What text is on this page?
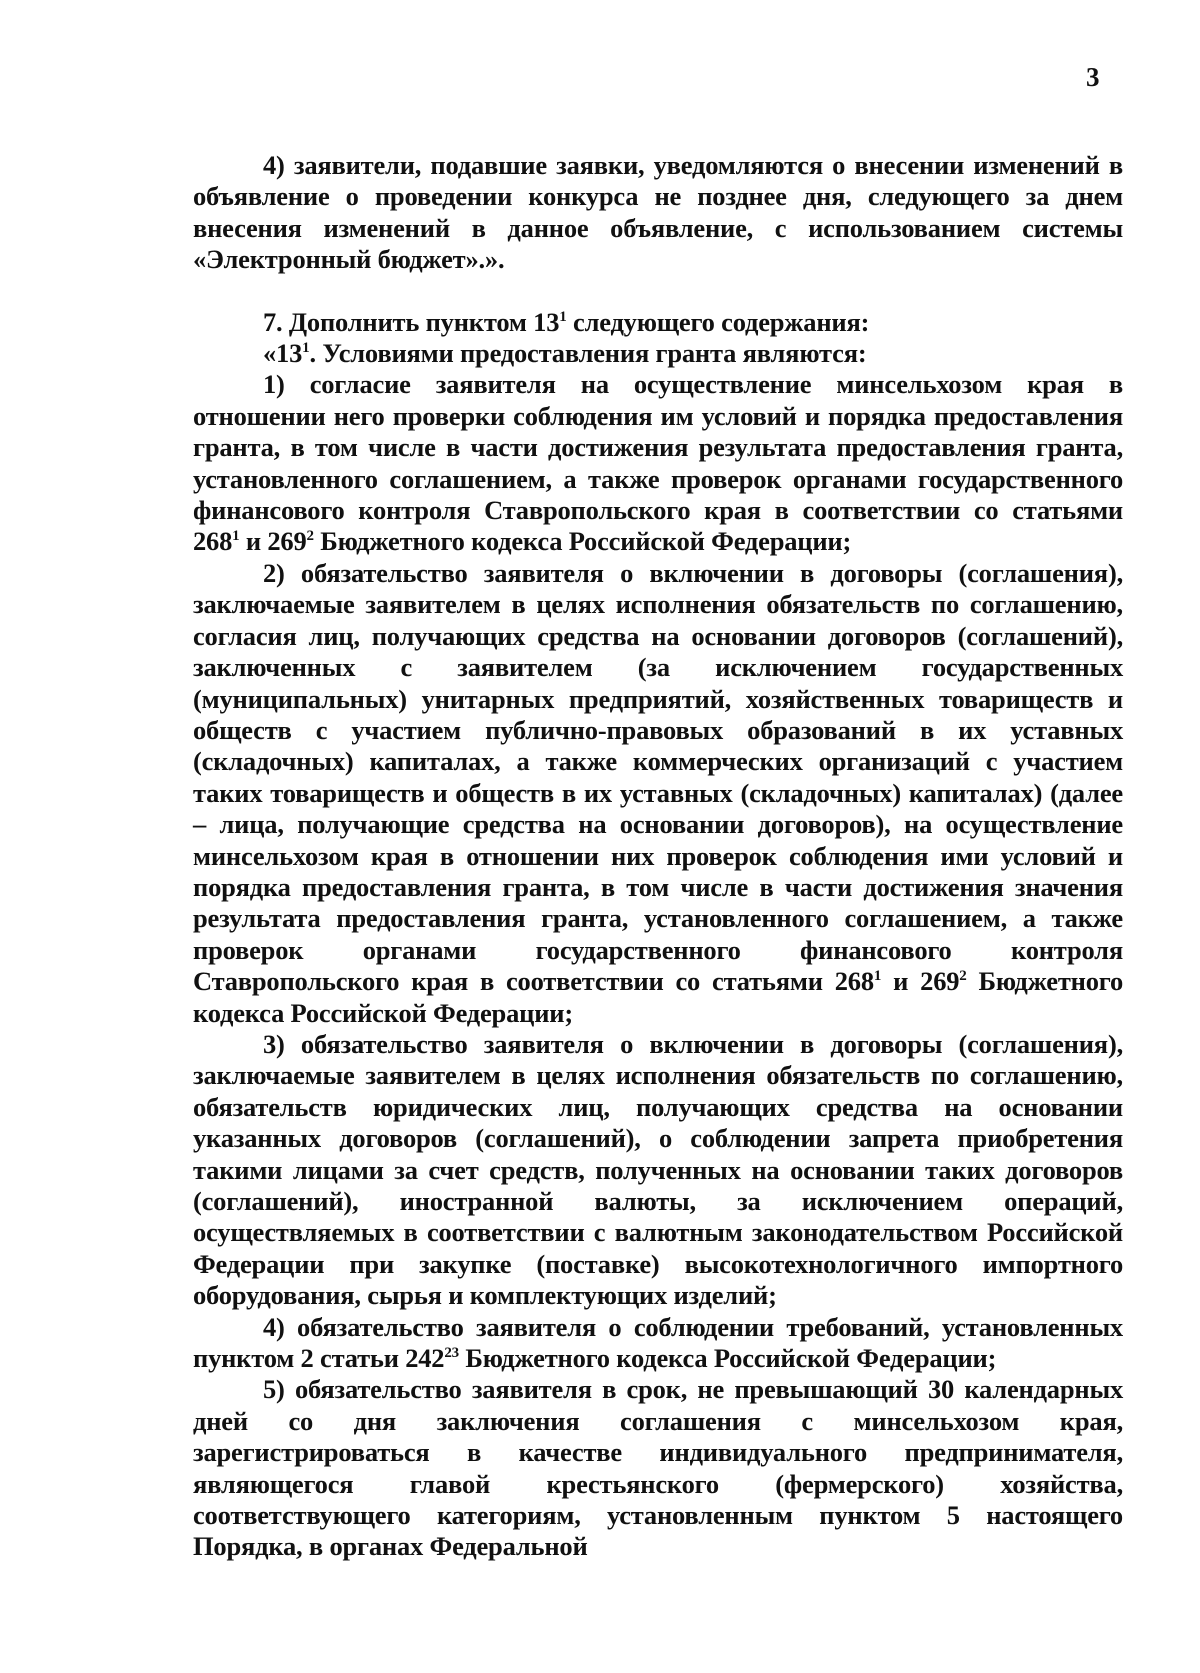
3

4) заявители, подавшие заявки, уведомляются о внесении изменений в объявление о проведении конкурса не позднее дня, следующего за днем внесения изменений в данное объявление, с использованием системы «Электронный бюджет».».

7. Дополнить пунктом $13^1$ следующего содержания:

«$13^1$. Условиями предоставления гранта являются:

1) согласие заявителя на осуществление минсельхозом края в отношении него проверки соблюдения им условий и порядка предоставления гранта, в том числе в части достижения результата предоставления гранта, установленного соглашением, а также проверок органами государственного финансового контроля Ставропольского края в соответствии со статьями $268^1$ и $269^2$ Бюджетного кодекса Российской Федерации;

2) обязательство заявителя о включении в договоры (соглашения), заключаемые заявителем в целях исполнения обязательств по соглашению, согласия лиц, получающих средства на основании договоров (соглашений), заключенных с заявителем (за исключением государственных (муниципальных) унитарных предприятий, хозяйственных товариществ и обществ с участием публично-правовых образований в их уставных (складочных) капиталах, а также коммерческих организаций с участием таких товариществ и обществ в их уставных (складочных) капиталах) (далее – лица, получающие средства на основании договоров), на осуществление минсельхозом края в отношении них проверок соблюдения ими условий и порядка предоставления гранта, в том числе в части достижения значения результата предоставления гранта, установленного соглашением, а также проверок органами государственного финансового контроля Ставропольского края в соответствии со статьями $268^1$ и $269^2$ Бюджетного кодекса Российской Федерации;

3) обязательство заявителя о включении в договоры (соглашения), заключаемые заявителем в целях исполнения обязательств по соглашению, обязательств юридических лиц, получающих средства на основании указанных договоров (соглашений), о соблюдении запрета приобретения такими лицами за счет средств, полученных на основании таких договоров (соглашений), иностранной валюты, за исключением операций, осуществляемых в соответствии с валютным законодательством Российской Федерации при закупке (поставке) высокотехнологичного импортного оборудования, сырья и комплектующих изделий;

4) обязательство заявителя о соблюдении требований, установленных пунктом 2 статьи $242^{23}$ Бюджетного кодекса Российской Федерации;

5) обязательство заявителя в срок, не превышающий 30 календарных дней со дня заключения соглашения с минсельхозом края, зарегистрироваться в качестве индивидуального предпринимателя, являющегося главой крестьянского (фермерского) хозяйства, соответствующего категориям, установленным пунктом 5 настоящего Порядка, в органах Федеральной
